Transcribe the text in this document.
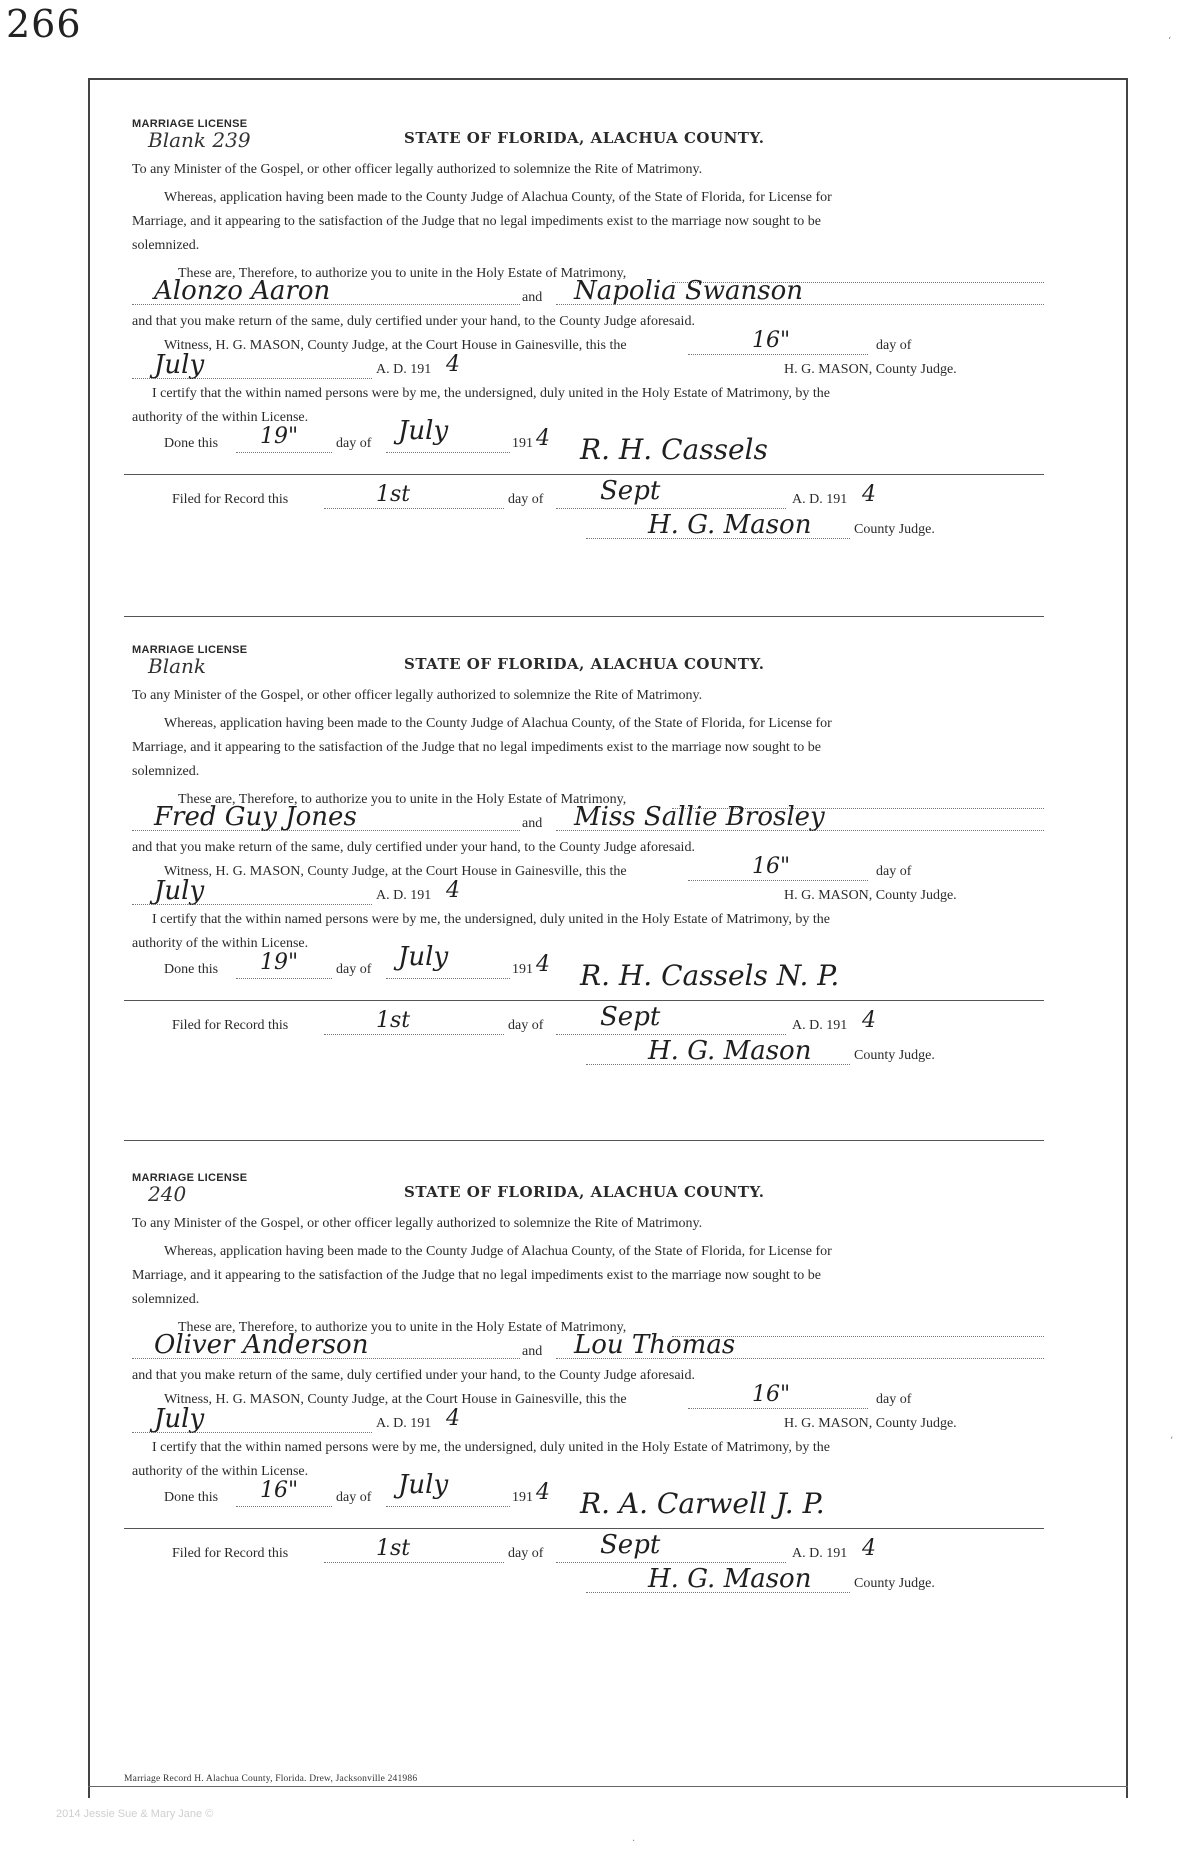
266
MARRIAGE LICENSE
Blank 239	STATE OF FLORIDA, ALACHUA COUNTY.
To any Minister of the Gospel, or other officer legally authorized to solemnize the Rite of Matrimony.
Whereas, application having been made to the County Judge of Alachua County, of the State of Florida, for License for
Marriage, and it appearing to the satisfaction of the Judge that no legal impediments exist to the marriage now sought to be
solemnized.
These are, Therefore, to authorize you to unite in the Holy Estate of Matrimony,
Alonzo Aaron	and Napolia Swanson
and that you make return of the same, duly certified under your hand, to the County Judge aforesaid.
Witness, H. G. MASON, County Judge, at the Court House in Gainesville, this the	16"	day of
July	A. D. 191 4	H. G. MASON, County Judge.
I certify that the within named persons were by me, the undersigned, duly united in the Holy Estate of Matrimony, by the
authority of the within License.
Done this 19"	day of July	191 4 R. H. Cassels
Filed for Record this	1st	day of Sept	A. D. 191 4
H. G. Mason	County Judge.
MARRIAGE LICENSE
Blank	STATE OF FLORIDA, ALACHUA COUNTY.
To any Minister of the Gospel, or other officer legally authorized to solemnize the Rite of Matrimony.
Whereas, application having been made to the County Judge of Alachua County, of the State of Florida, for License for
Marriage, and it appearing to the satisfaction of the Judge that no legal impediments exist to the marriage now sought to be
solemnized.
These are, Therefore, to authorize you to unite in the Holy Estate of Matrimony,
Fred Guy Jones	and Miss Sallie Brosley
and that you make return of the same, duly certified under your hand, to the County Judge aforesaid.
Witness, H. G. MASON, County Judge, at the Court House in Gainesville, this the	16"	day of
July	A. D. 191 4	H. G. MASON, County Judge.
I certify that the within named persons were by me, the undersigned, duly united in the Holy Estate of Matrimony, by the
authority of the within License.
Done this 19"	day of July	191 4 R. H. Cassels N. P.
Filed for Record this	1st	day of Sept	A. D. 191 4
H. G. Mason	County Judge.
MARRIAGE LICENSE
240	STATE OF FLORIDA, ALACHUA COUNTY.
To any Minister of the Gospel, or other officer legally authorized to solemnize the Rite of Matrimony.
Whereas, application having been made to the County Judge of Alachua County, of the State of Florida, for License for
Marriage, and it appearing to the satisfaction of the Judge that no legal impediments exist to the marriage now sought to be
solemnized.
These are, Therefore, to authorize you to unite in the Holy Estate of Matrimony,
Oliver Anderson	and Lou Thomas
and that you make return of the same, duly certified under your hand, to the County Judge aforesaid.
Witness, H. G. MASON, County Judge, at the Court House in Gainesville, this the	16"	day of
July	A. D. 191 4	H. G. MASON, County Judge.
I certify that the within named persons were by me, the undersigned, duly united in the Holy Estate of Matrimony, by the
authority of the within License.
Done this 16"	day of July	191 4 R. A. Carwell J. P.
Filed for Record this	1st	day of Sept	A. D. 191 4
H. G. Mason	County Judge.
Marriage Record H. Alachua County, Florida. Drew, Jacksonville 241986
2014 Jessie Sue & Mary Jane ©
‘
’
·
